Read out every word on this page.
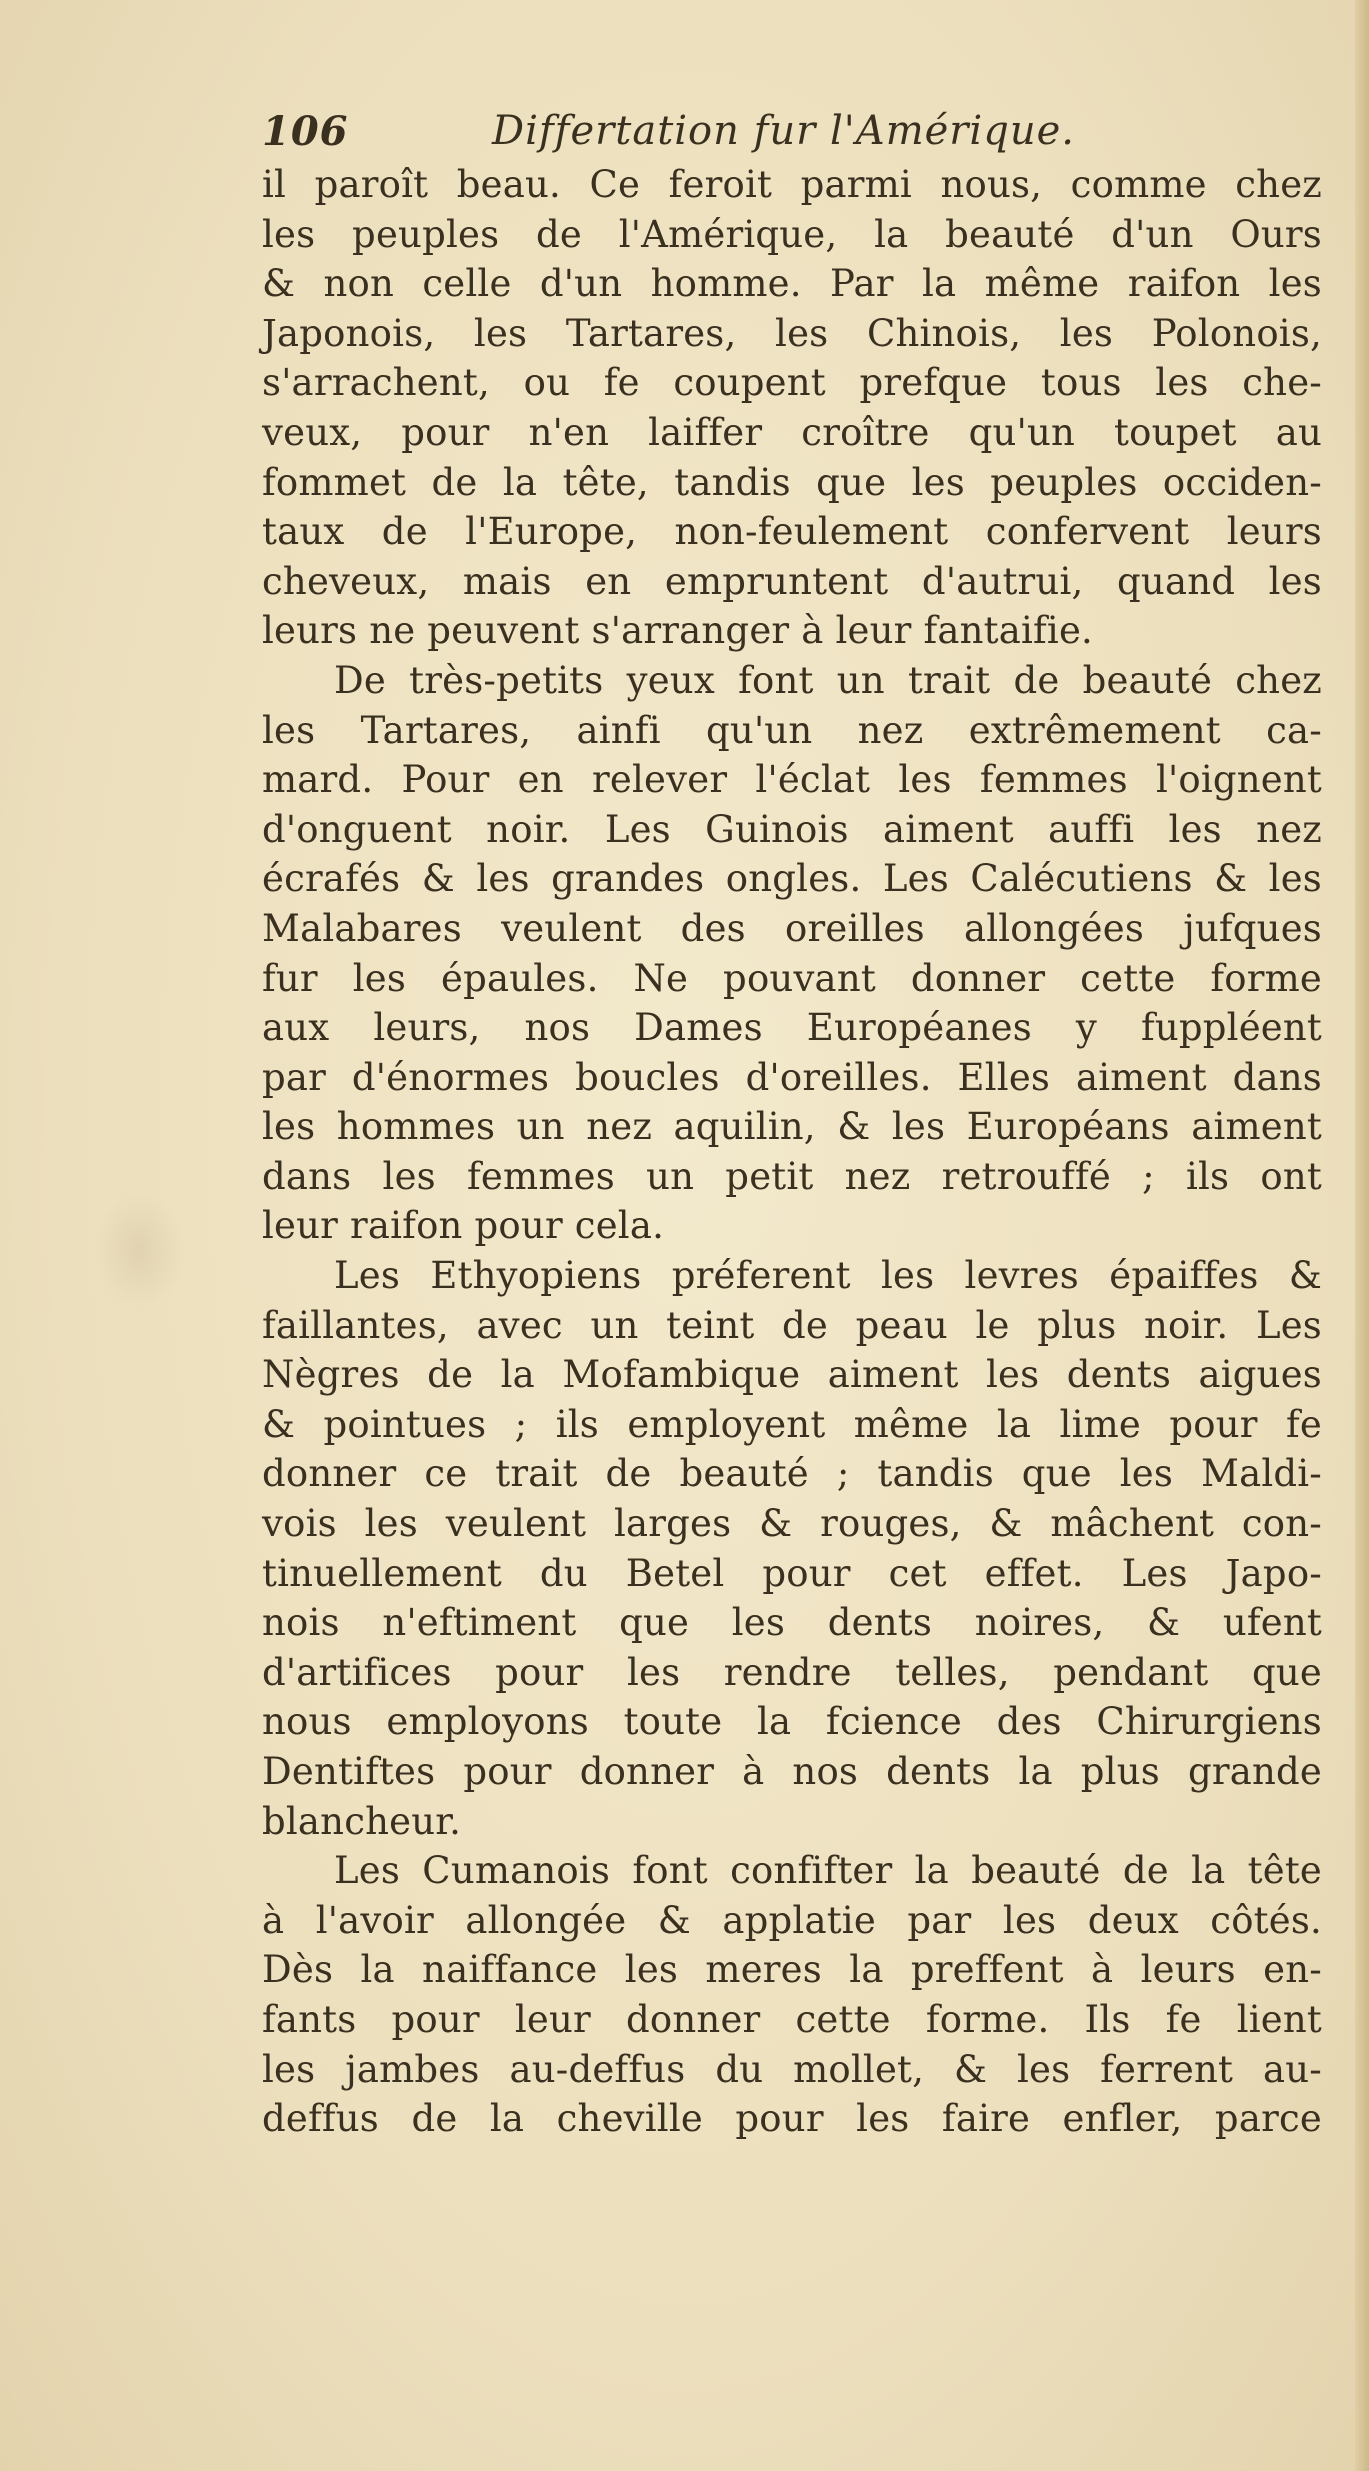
106	Differtation fur l'Amérique.
il paroît beau. Ce feroit parmi nous, comme chez
les peuples de l'Amérique, la beauté d'un Ours
& non celle d'un homme. Par la même raifon les
Japonois, les Tartares, les Chinois, les Polonois,
s'arrachent, ou fe coupent prefque tous les che-
veux, pour n'en laiffer croître qu'un toupet au
fommet de la tête, tandis que les peuples occiden-
taux de l'Europe, non-feulement confervent leurs
cheveux, mais en empruntent d'autrui, quand les
leurs ne peuvent s'arranger à leur fantaifie.
De très-petits yeux font un trait de beauté chez
les Tartares, ainfi qu'un nez extrêmement ca-
mard. Pour en relever l'éclat les femmes l'oignent
d'onguent noir. Les Guinois aiment auffi les nez
écrafés & les grandes ongles. Les Calécutiens & les
Malabares veulent des oreilles allongées jufques
fur les épaules. Ne pouvant donner cette forme
aux leurs, nos Dames Européanes y fuppléent
par d'énormes boucles d'oreilles. Elles aiment dans
les hommes un nez aquilin, & les Européans aiment
dans les femmes un petit nez retrouffé ; ils ont
leur raifon pour cela.
Les Ethyopiens préferent les levres épaiffes &
faillantes, avec un teint de peau le plus noir. Les
Nègres de la Mofambique aiment les dents aigues
& pointues ; ils employent même la lime pour fe
donner ce trait de beauté ; tandis que les Maldi-
vois les veulent larges & rouges, & mâchent con-
tinuellement du Betel pour cet effet. Les Japo-
nois n'eftiment que les dents noires, & ufent
d'artifices pour les rendre telles, pendant que
nous employons toute la fcience des Chirurgiens
Dentiftes pour donner à nos dents la plus grande
blancheur.
Les Cumanois font confifter la beauté de la tête
à l'avoir allongée & applatie par les deux côtés.
Dès la naiffance les meres la preffent à leurs en-
fants pour leur donner cette forme. Ils fe lient
les jambes au-deffus du mollet, & les ferrent au-
deffus de la cheville pour les faire enfler, parce
